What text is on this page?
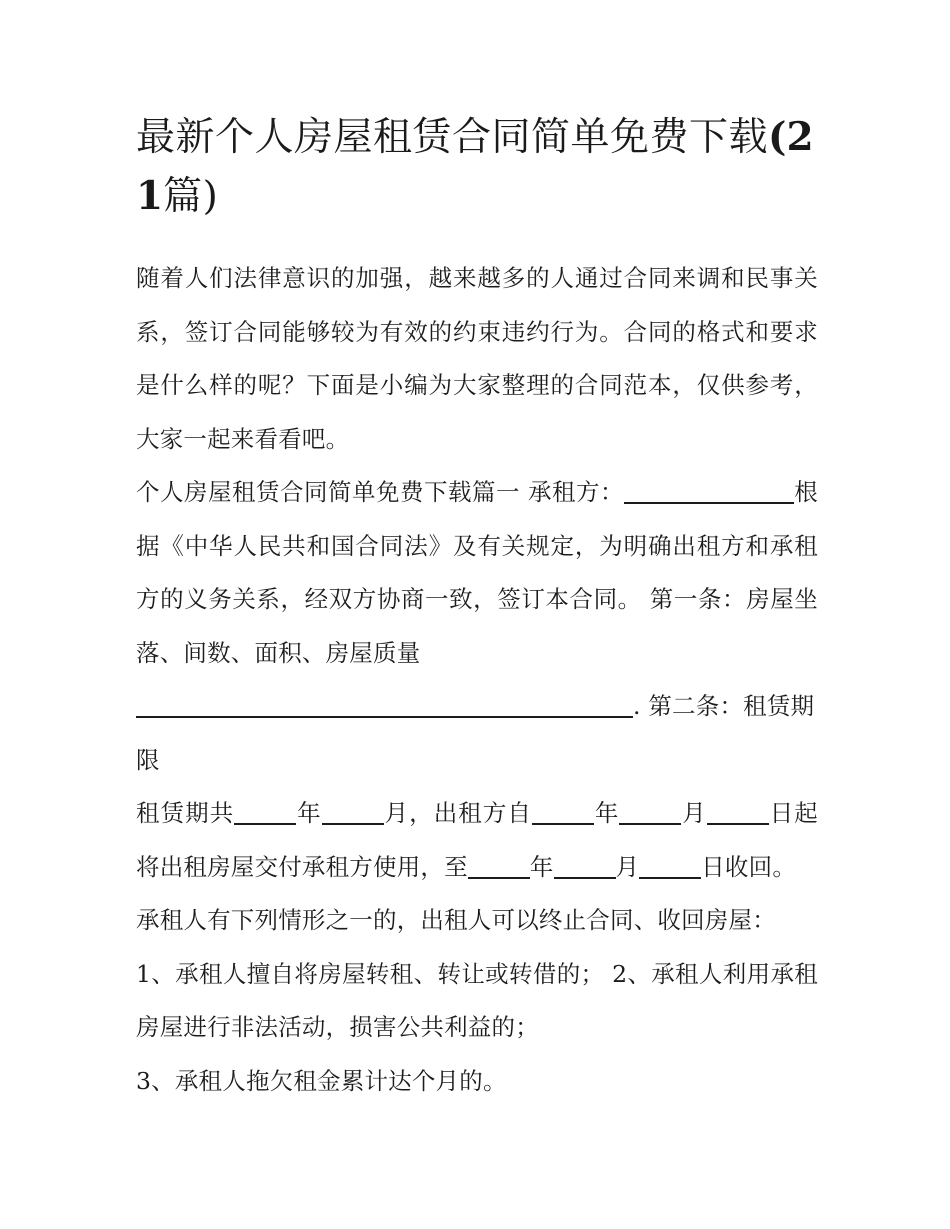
最新个人房屋租赁合同简单免费下载(21篇)

随着人们法律意识的加强，越来越多的人通过合同来调和民事关系，签订合同能够较为有效的约束违约行为。合同的格式和要求是什么样的呢？下面是小编为大家整理的合同范本，仅供参考，大家一起来看看吧。

个人房屋租赁合同简单免费下载篇一 承租方：	根据《中华人民共和国合同法》及有关规定，为明确出租方和承租方的义务关系，经双方协商一致，签订本合同。 第一条：房屋坐落、间数、面积、房屋质量

. 第二条：租赁期限

租赁期共	年	月，出租方自	年	月	日起将出租房屋交付承租方使用，至	年	月	日收回。

承租人有下列情形之一的，出租人可以终止合同、收回房屋：

1、承租人擅自将房屋转租、转让或转借的； 2、承租人利用承租房屋进行非法活动，损害公共利益的；

3、承租人拖欠租金累计达个月的。
